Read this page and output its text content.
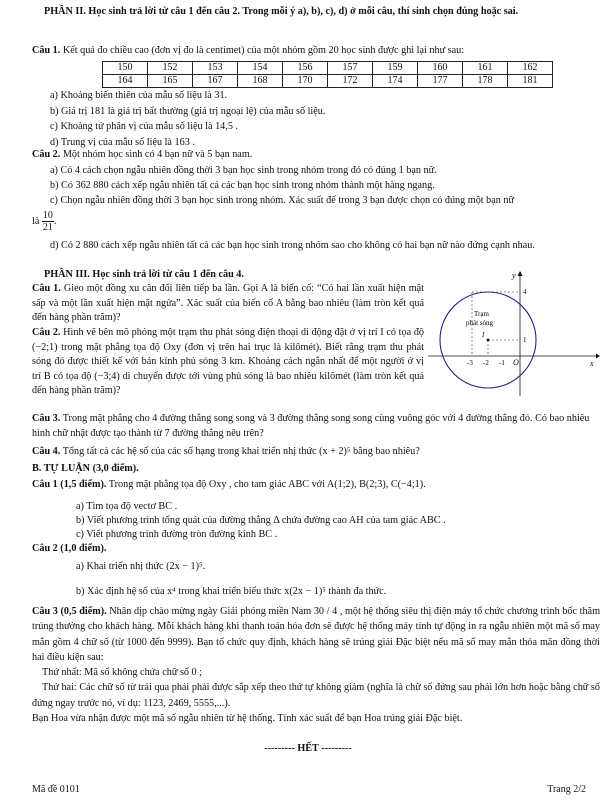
PHẦN II. Học sinh trả lời từ câu 1 đến câu 2. Trong mỗi ý a), b), c), d) ở mỗi câu, thí sinh chọn đúng hoặc sai.
Câu 1. Kết quả đo chiều cao (đơn vị đo là centimet) của một nhóm gồm 20 học sinh được ghi lại như sau:
150	152	153	154	156	157	159	160	161	162
164	165	167	168	170	172	174	177	178	181

a) Khoảng biến thiên của mẫu số liệu là 31.

b) Giá trị 181 là giá trị bất thường (giá trị ngoại lệ) của mẫu số liệu.

c) Khoảng tứ phân vị của mẫu số liệu là 14,5 .

d) Trung vị của mẫu số liệu là 163 .

Câu 2. Một nhóm học sinh có 4 bạn nữ và 5 bạn nam.

a) Có 4 cách chọn ngẫu nhiên đồng thời 3 bạn học sinh trong nhóm trong đó có đúng 1 bạn nữ.

b) Có 362 880 cách xếp ngẫu nhiên tất cả các bạn học sinh trong nhóm thành một hàng ngang.

c) Chọn ngẫu nhiên đồng thời 3 bạn học sinh trong nhóm. Xác suất để trong 3 bạn được chọn có đúng một bạn nữ
là $\frac{10}{21}$ .
d) Có 2 880 cách xếp ngẫu nhiên tất cả các bạn học sinh trong nhóm sao cho không có hai bạn nữ nào đứng cạnh nhau.
PHẦN III. Học sinh trả lời từ câu 1 đến câu 4.
Câu 1. Gieo một đồng xu cân đối liên tiếp ba lần. Gọi A là biến cố: “Có hai lần xuất hiện mặt sấp và một lần xuất hiện mặt ngửa”. Xác suất của biến cố A bằng bao nhiêu (làm tròn kết quả đến hàng phần trăm)?
Câu 2. Hình vẽ bên mô phỏng một trạm thu phát sóng điện thoại di động đặt ở vị trí I có tọa độ (−2;1) trong mặt phẳng tọa độ Oxy (đơn vị trên hai trục là kilômét). Biết rằng trạm thu phát sóng đó được thiết kế với bán kính phủ sóng 3 km. Khoảng cách ngắn nhất để một người ở vị trí B có tọa độ (−3;4) di chuyển được tới vùng phủ sóng là bao nhiêu kilômét (làm tròn kết quả đến hàng phần trăm)?
I
Trạm
phát sóng
y
x
O
4
1
-3 -2 -1
Câu 3. Trong mặt phẳng cho 4 đường thẳng song song và 3 đường thẳng song song cùng vuông góc với 4 đường thẳng đó. Có bao nhiêu hình chữ nhật được tạo thành từ 7 đường thẳng nêu trên?
Câu 4. Tổng tất cả các hệ số của các số hạng trong khai triển nhị thức (x + 2)⁵ bằng bao nhiêu?
B. TỰ LUẬN (3,0 điểm).
Câu 1 (1,5 điểm). Trong mặt phẳng tọa độ Oxy , cho tam giác ABC với A(1;2), B(2;3), C(−4;1).

a) Tìm tọa độ vectơ BC .

b) Viết phương trình tổng quát của đường thẳng Δ chứa đường cao AH của tam giác ABC .

c) Viết phương trình đường tròn đường kính BC .

Câu 2 (1,0 điểm).
a) Khai triển nhị thức (2x − 1)⁵.
b) Xác định hệ số của x⁴ trong khai triển biểu thức x(2x − 1)⁵ thành đa thức.

Câu 3 (0,5 điểm). Nhân dịp chào mừng ngày Giải phóng miền Nam 30 / 4 , một hệ thống siêu thị điện máy tổ chức chương trình bốc thăm trúng thưởng cho khách hàng. Mỗi khách hàng khi thanh toán hóa đơn sẽ được hệ thống máy tính tự động in ra ngẫu nhiên một mã số may mắn gồm 4 chữ số (từ 1000 đến 9999). Bạn tổ chức quy định, khách hàng sẽ trúng giải Đặc biệt nếu mã số may mắn thỏa mãn đồng thời hai điều kiện sau:

Thứ nhất: Mã số không chứa chữ số 0 ;

Thứ hai: Các chữ số từ trái qua phải phải được sắp xếp theo thứ tự không giảm (nghĩa là chữ số đứng sau phải lớn hơn hoặc bằng chữ số đứng ngay trước nó, ví dụ: 1123, 2469, 5555,...).

Bạn Hoa vừa nhận được một mã số ngẫu nhiên từ hệ thống. Tính xác suất để bạn Hoa trúng giải Đặc biệt.

--------- HẾT ---------
Mã đề 0101	Trang 2/2
